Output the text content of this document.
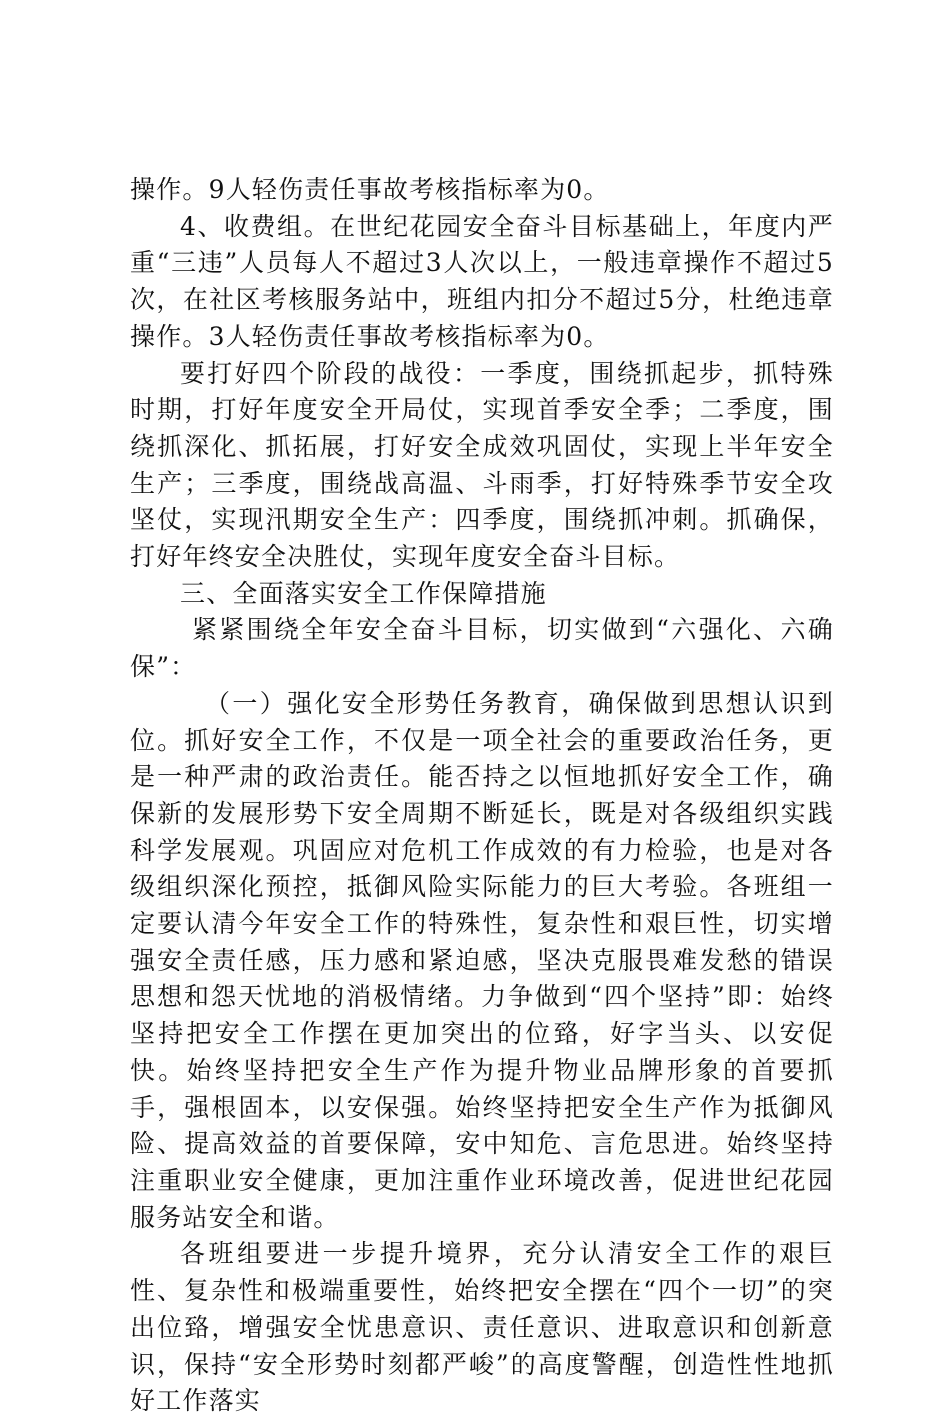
操作。9人轻伤责任事故考核指标率为0。

4、收费组。在世纪花园安全奋斗目标基础上，年度内严重“三违”人员每人不超过3人次以上，一般违章操作不超过5次，在社区考核服务站中，班组内扣分不超过5分，杜绝违章操作。3人轻伤责任事故考核指标率为0。

要打好四个阶段的战役：一季度，围绕抓起步，抓特殊时期，打好年度安全开局仗，实现首季安全季；二季度，围绕抓深化、抓拓展，打好安全成效巩固仗，实现上半年安全生产；三季度，围绕战高温、斗雨季，打好特殊季节安全攻坚仗，实现汛期安全生产：四季度，围绕抓冲刺。抓确保，打好年终安全决胜仗，实现年度安全奋斗目标。

三、全面落实安全工作保障措施

紧紧围绕全年安全奋斗目标，切实做到“六强化、六确保”：

（一）强化安全形势任务教育，确保做到思想认识到位。抓好安全工作，不仅是一项全社会的重要政治任务，更是一种严肃的政治责任。能否持之以恒地抓好安全工作，确保新的发展形势下安全周期不断延长，既是对各级组织实践科学发展观。巩固应对危机工作成效的有力检验，也是对各级组织深化预控，抵御风险实际能力的巨大考验。各班组一定要认清今年安全工作的特殊性，复杂性和艰巨性，切实增强安全责任感，压力感和紧迫感，坚决克服畏难发愁的错误思想和怨天忧地的消极情绪。力争做到“四个坚持”即：始终坚持把安全工作摆在更加突出的位臵，好字当头、以安促快。始终坚持把安全生产作为提升物业品牌形象的首要抓手，强根固本，以安保强。始终坚持把安全生产作为抵御风险、提高效益的首要保障，安中知危、言危思进。始终坚持注重职业安全健康，更加注重作业环境改善，促进世纪花园服务站安全和谐。

各班组要进一步提升境界，充分认清安全工作的艰巨性、复杂性和极端重要性，始终把安全摆在“四个一切”的突出位臵，增强安全忧患意识、责任意识、进取意识和创新意识，保持“安全形势时刻都严峻”的高度警醒，创造性性地抓好工作落实
